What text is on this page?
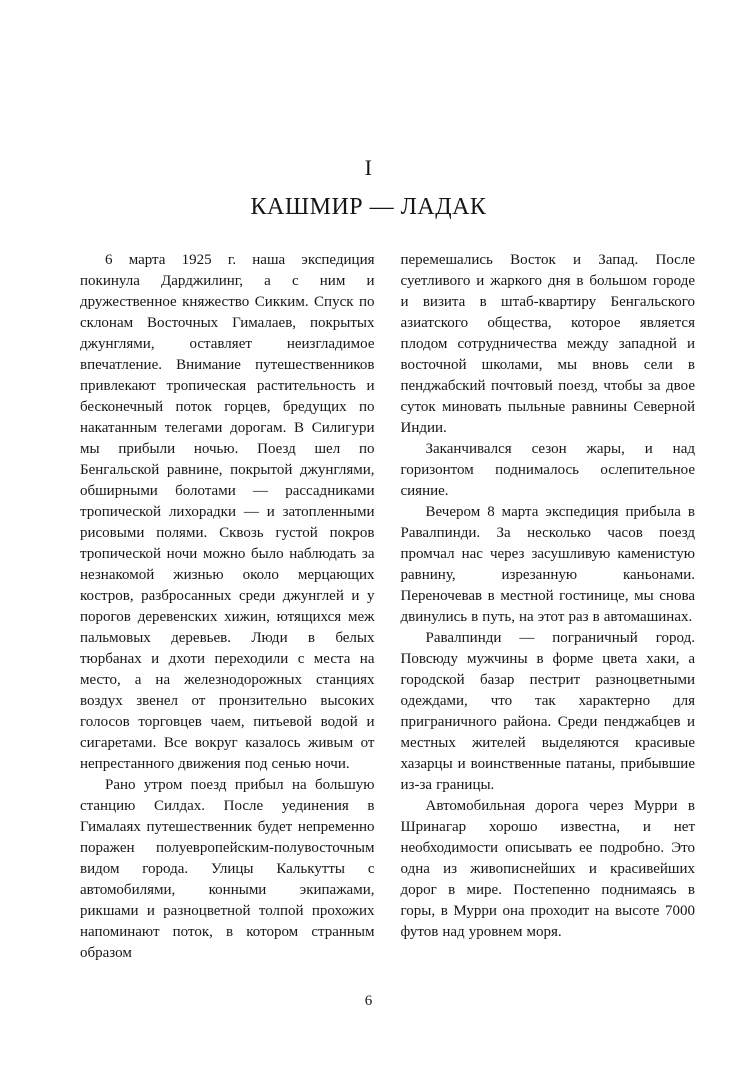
I
КАШМИР — ЛАДАК

6 марта 1925 г. наша экспедиция покинула Дарджилинг, а с ним и дружественное княжество Сикким. Спуск по склонам Восточных Гималаев, покрытых джунглями, оставляет неизгладимое впечатление. Внимание путешественников привлекают тропическая растительность и бесконечный поток горцев, бредущих по накатанным телегами дорогам. В Силигури мы прибыли ночью. Поезд шел по Бенгальской равнине, покрытой джунглями, обширными болотами — рассадниками тропической лихорадки — и затопленными рисовыми полями. Сквозь густой покров тропической ночи можно было наблюдать за незнакомой жизнью около мерцающих костров, разбросанных среди джунглей и у порогов деревенских хижин, ютящихся меж пальмовых деревьев. Люди в белых тюрбанах и дхоти переходили с места на место, а на железнодорожных станциях воздух звенел от пронзительно высоких голосов торговцев чаем, питьевой водой и сигаретами. Все вокруг казалось живым от непрестанного движения под сенью ночи.

Рано утром поезд прибыл на большую станцию Силдах. После уединения в Гималаях путешественник будет непременно поражен полуевропейским-полувосточным видом города. Улицы Калькутты с автомобилями, конными экипажами, рикшами и разноцветной толпой прохожих напоминают поток, в котором странным образом

перемешались Восток и Запад. После суетливого и жаркого дня в большом городе и визита в штаб-квартиру Бенгальского азиатского общества, которое является плодом сотрудничества между западной и восточной школами, мы вновь сели в пенджабский почтовый поезд, чтобы за двое суток миновать пыльные равнины Северной Индии.

Заканчивался сезон жары, и над горизонтом поднималось ослепительное сияние.

Вечером 8 марта экспедиция прибыла в Равалпинди. За несколько часов поезд промчал нас через засушливую каменистую равнину, изрезанную каньонами. Переночевав в местной гостинице, мы снова двинулись в путь, на этот раз в автомашинах.

Равалпинди — пограничный город. Повсюду мужчины в форме цвета хаки, а городской базар пестрит разноцветными одеждами, что так характерно для приграничного района. Среди пенджабцев и местных жителей выделяются красивые хазарцы и воинственные патаны, прибывшие из-за границы.

Автомобильная дорога через Мурри в Шринагар хорошо известна, и нет необходимости описывать ее подробно. Это одна из живописнейших и красивейших дорог в мире. Постепенно поднимаясь в горы, в Мурри она проходит на высоте 7000 футов над уровнем моря.

6
